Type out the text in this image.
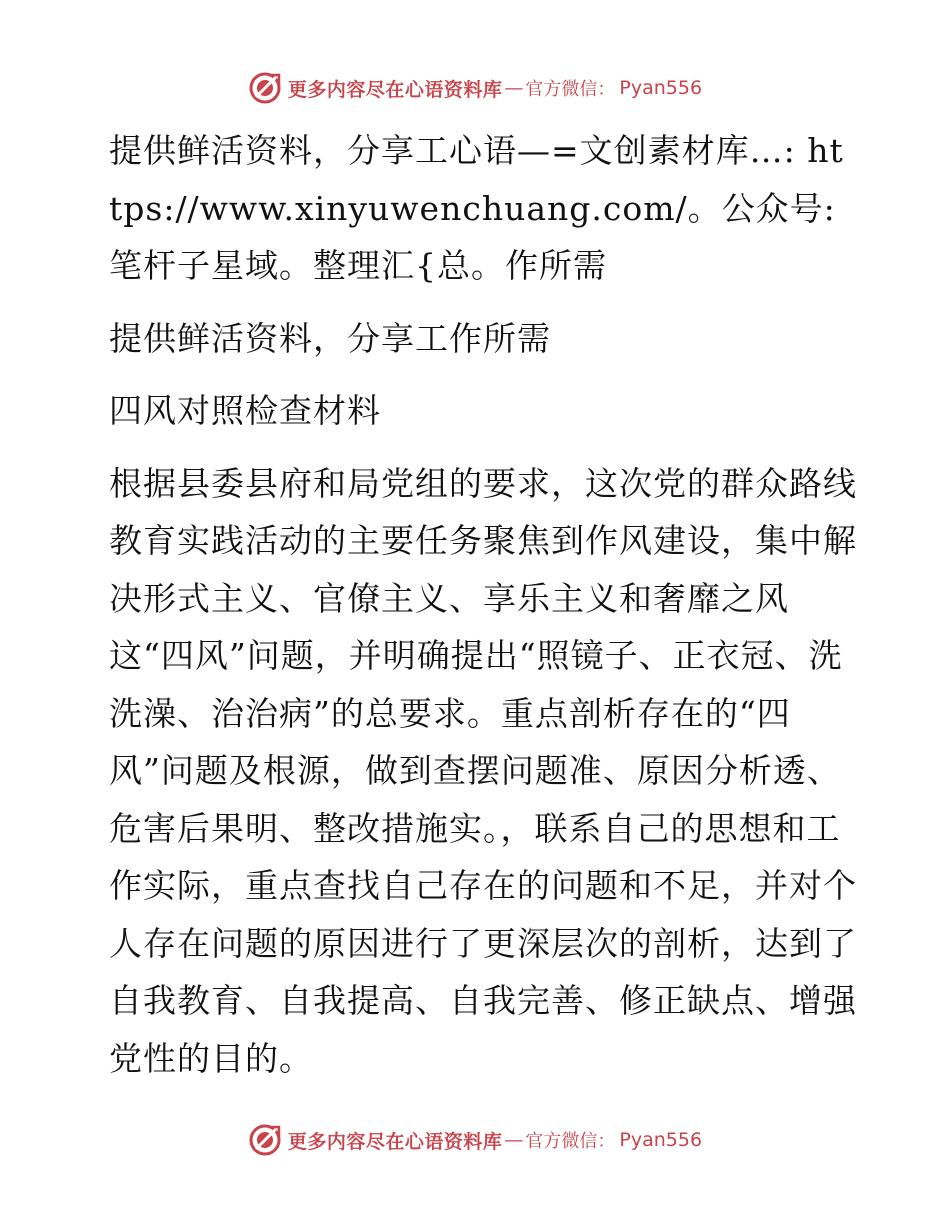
更多内容尽在心语资料库 — 官方微信： Pyan556

提供鲜活资料，分享工心语—=文创素材库…: https://www.xinyuwenchuang.com/。公众号: 笔杆子星域。整理汇{总。作所需

提供鲜活资料，分享工作所需

四风对照检查材料

根据县委县府和局党组的要求，这次党的群众路线教育实践活动的主要任务聚焦到作风建设，集中解决形式主义、官僚主义、享乐主义和奢靡之风这“四风”问题，并明确提出“照镜子、正衣冠、洗洗澡、治治病”的总要求。重点剖析存在的“四风”问题及根源，做到查摆问题准、原因分析透、危害后果明、整改措施实。，联系自己的思想和工作实际，重点查找自己存在的问题和不足，并对个人存在问题的原因进行了更深层次的剖析，达到了自我教育、自我提高、自我完善、修正缺点、增强党性的目的。

更多内容尽在心语资料库 — 官方微信： Pyan556
